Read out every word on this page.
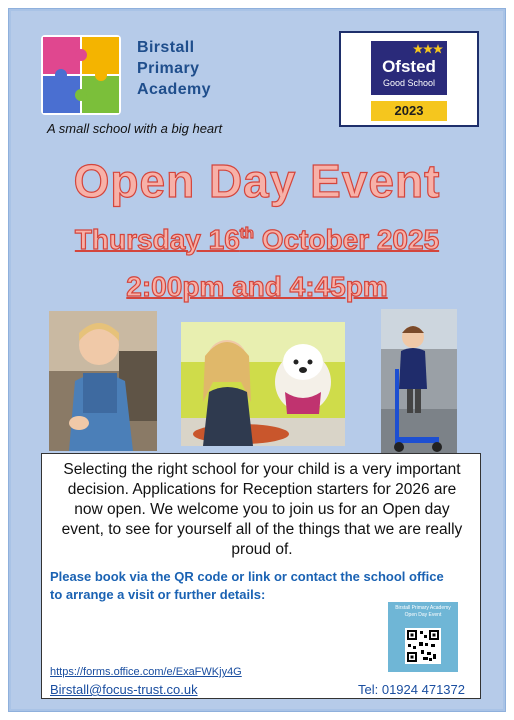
Birstall
Primary
Academy
A small school with a big heart
Ofsted
Good School
2023
Open Day Event
Thursday 16th October 2025
2:00pm and 4:45pm
Selecting the right school for your child is a very important decision. Applications for Reception starters for 2026 are now open. We welcome you to join us for an Open day event, to see for yourself all of the things that we are really proud of.
Please book via the QR code or link or contact the school office to arrange a visit or further details:
Birstall Primary Academy Open Day Event
https://forms.office.com/e/ExaFWKjy4G
Birstall@focus-trust.co.uk	Tel: 01924 471372
